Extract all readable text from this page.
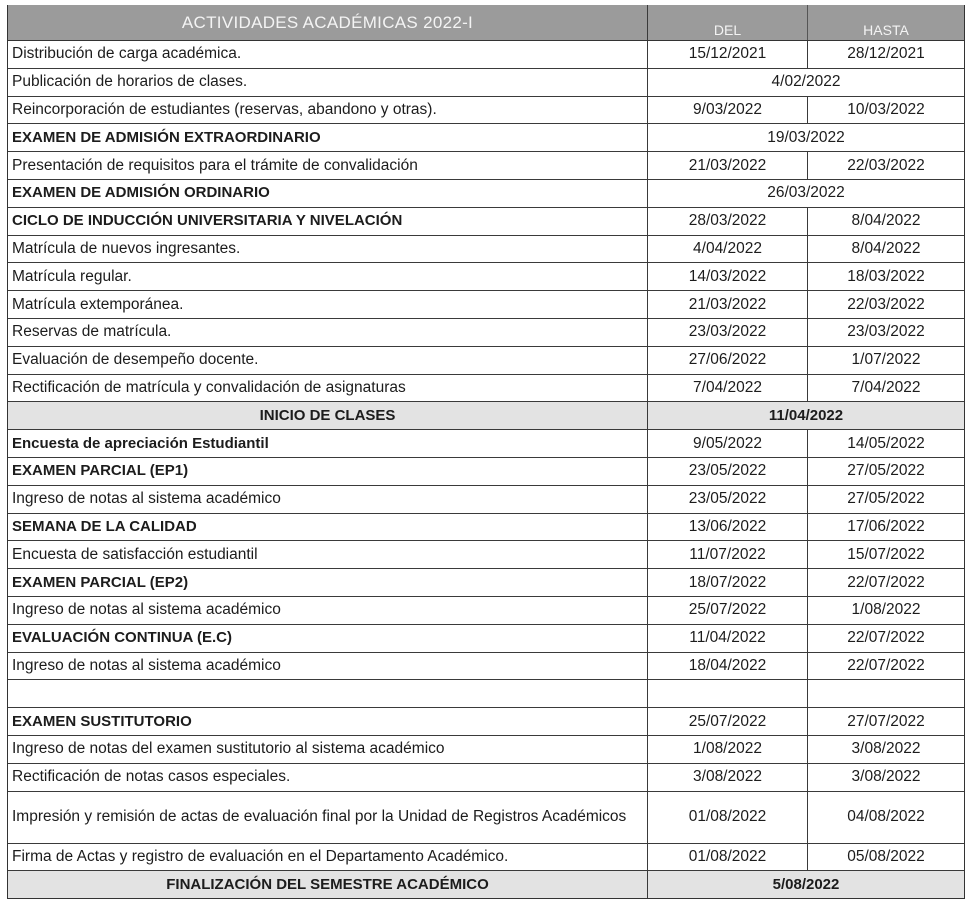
ACTIVIDADES ACADÉMICAS 2022-I	DEL	HASTA
Distribución de carga académica.	15/12/2021	28/12/2021
Publicación de horarios de clases.	4/02/2022
Reincorporación de estudiantes (reservas, abandono y otras).	9/03/2022	10/03/2022
EXAMEN DE ADMISIÓN EXTRAORDINARIO	19/03/2022
Presentación de requisitos para el trámite de convalidación	21/03/2022	22/03/2022
EXAMEN DE ADMISIÓN ORDINARIO	26/03/2022
CICLO DE INDUCCIÓN UNIVERSITARIA Y NIVELACIÓN	28/03/2022	8/04/2022
Matrícula de nuevos ingresantes.	4/04/2022	8/04/2022
Matrícula regular.	14/03/2022	18/03/2022
Matrícula extemporánea.	21/03/2022	22/03/2022
Reservas de matrícula.	23/03/2022	23/03/2022
Evaluación de desempeño docente.	27/06/2022	1/07/2022
Rectificación de matrícula y convalidación de asignaturas	7/04/2022	7/04/2022
INICIO DE CLASES	11/04/2022
Encuesta de apreciación Estudiantil	9/05/2022	14/05/2022
EXAMEN PARCIAL (EP1)	23/05/2022	27/05/2022
Ingreso de notas al sistema académico	23/05/2022	27/05/2022
SEMANA DE LA CALIDAD	13/06/2022	17/06/2022
Encuesta de satisfacción estudiantil	11/07/2022	15/07/2022
EXAMEN PARCIAL (EP2)	18/07/2022	22/07/2022
Ingreso de notas al sistema académico	25/07/2022	1/08/2022
EVALUACIÓN CONTINUA (E.C)	11/04/2022	22/07/2022
Ingreso de notas al sistema académico	18/04/2022	22/07/2022
EXAMEN SUSTITUTORIO	25/07/2022	27/07/2022
Ingreso de notas del examen sustitutorio al sistema académico	1/08/2022	3/08/2022
Rectificación de notas casos especiales.	3/08/2022	3/08/2022
Impresión y remisión de actas de evaluación final por la Unidad de Registros Académicos	01/08/2022	04/08/2022
Firma de Actas y registro de evaluación en el Departamento Académico.	01/08/2022	05/08/2022
FINALIZACIÓN DEL SEMESTRE ACADÉMICO	5/08/2022
